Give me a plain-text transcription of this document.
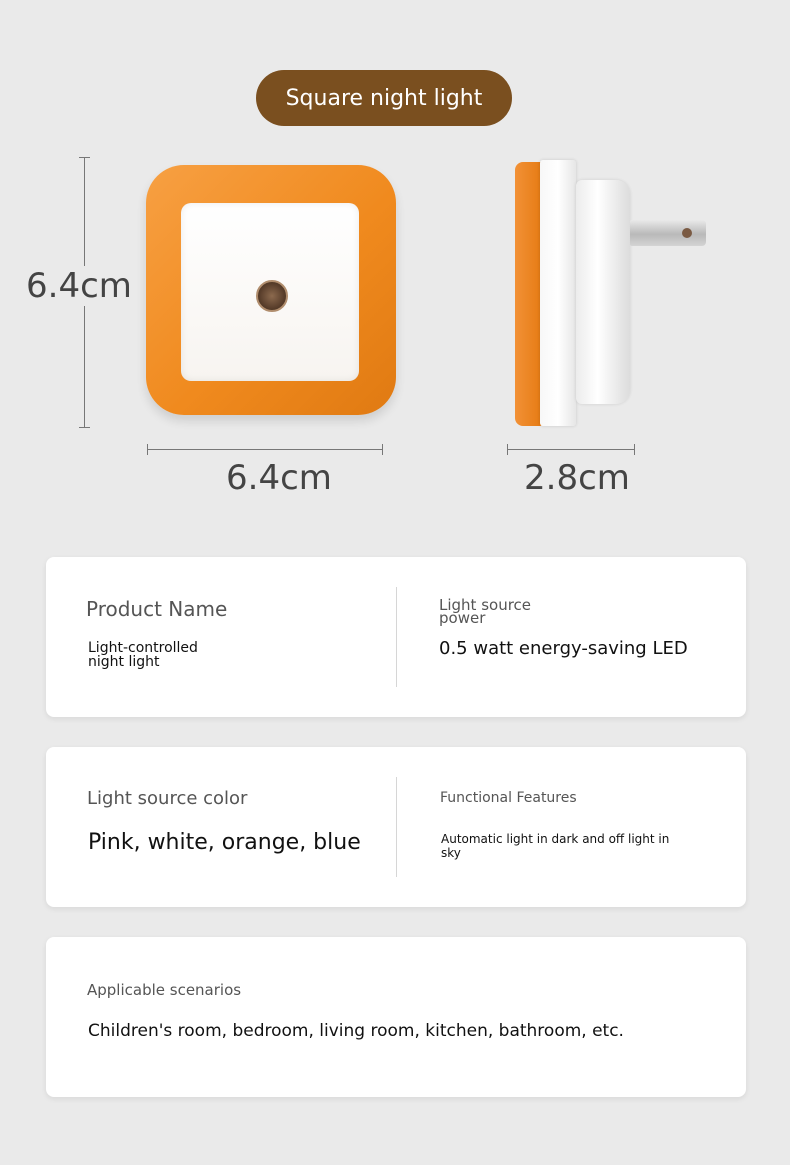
Square night light
6.4cm
6.4cm	2.8cm
Product Name
Light-controlled
night light
Light source
power
0.5 watt energy-saving LED
Light source color
Pink, white, orange, blue
Functional Features
Automatic light in dark and off light in
sky
Applicable scenarios
Children's room, bedroom, living room, kitchen, bathroom, etc.
